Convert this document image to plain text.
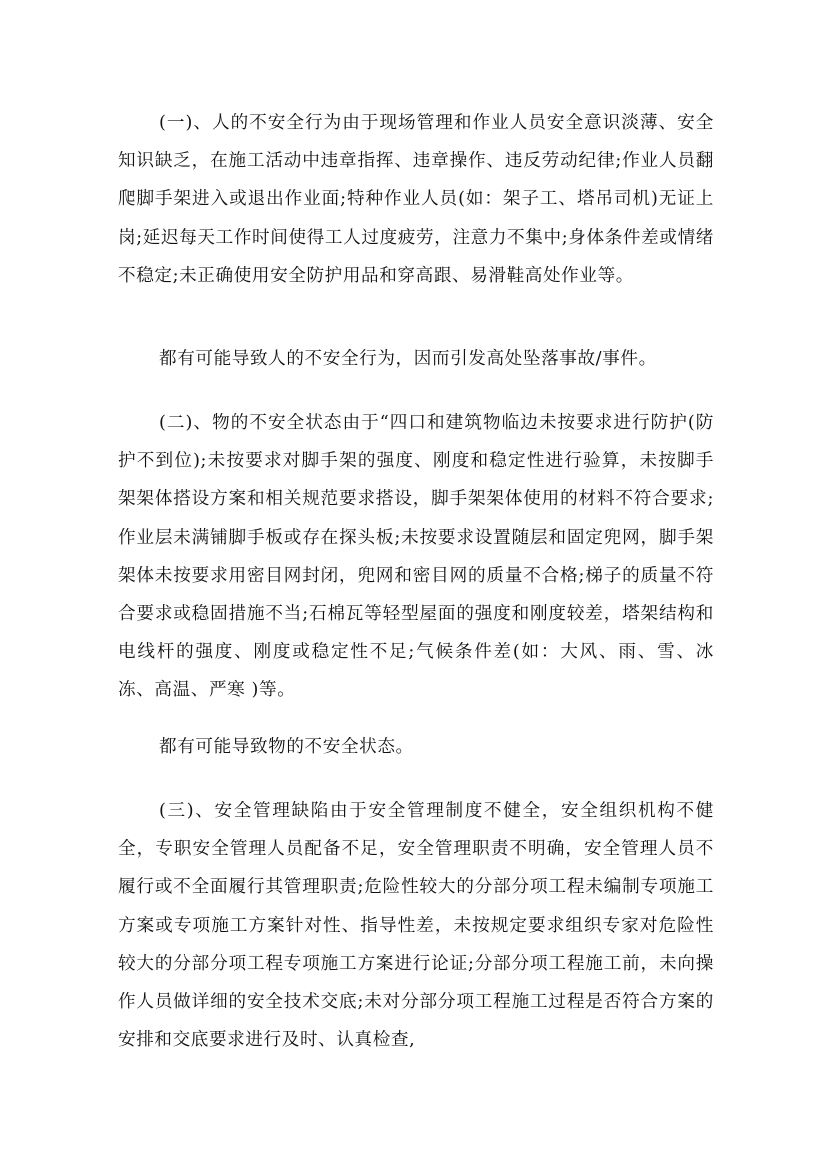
(一)、人的不安全行为由于现场管理和作业人员安全意识淡薄、安全知识缺乏，在施工活动中违章指挥、违章操作、违反劳动纪律;作业人员翻爬脚手架进入或退出作业面;特种作业人员(如：架子工、塔吊司机)无证上岗;延迟每天工作时间使得工人过度疲劳，注意力不集中;身体条件差或情绪不稳定;未正确使用安全防护用品和穿高跟、易滑鞋高处作业等。

都有可能导致人的不安全行为，因而引发高处坠落事故/事件。

(二)、物的不安全状态由于“四口和建筑物临边未按要求进行防护(防护不到位);未按要求对脚手架的强度、刚度和稳定性进行验算，未按脚手架架体搭设方案和相关规范要求搭设，脚手架架体使用的材料不符合要求;作业层未满铺脚手板或存在探头板;未按要求设置随层和固定兜网，脚手架架体未按要求用密目网封闭，兜网和密目网的质量不合格;梯子的质量不符合要求或稳固措施不当;石棉瓦等轻型屋面的强度和刚度较差，塔架结构和电线杆的强度、刚度或稳定性不足;气候条件差(如：大风、雨、雪、冰冻、高温、严寒 )等。

都有可能导致物的不安全状态。

(三)、安全管理缺陷由于安全管理制度不健全，安全组织机构不健全，专职安全管理人员配备不足，安全管理职责不明确，安全管理人员不履行或不全面履行其管理职责;危险性较大的分部分项工程未编制专项施工方案或专项施工方案针对性、指导性差，未按规定要求组织专家对危险性较大的分部分项工程专项施工方案进行论证;分部分项工程施工前，未向操作人员做详细的安全技术交底;未对分部分项工程施工过程是否符合方案的安排和交底要求进行及时、认真检查,
